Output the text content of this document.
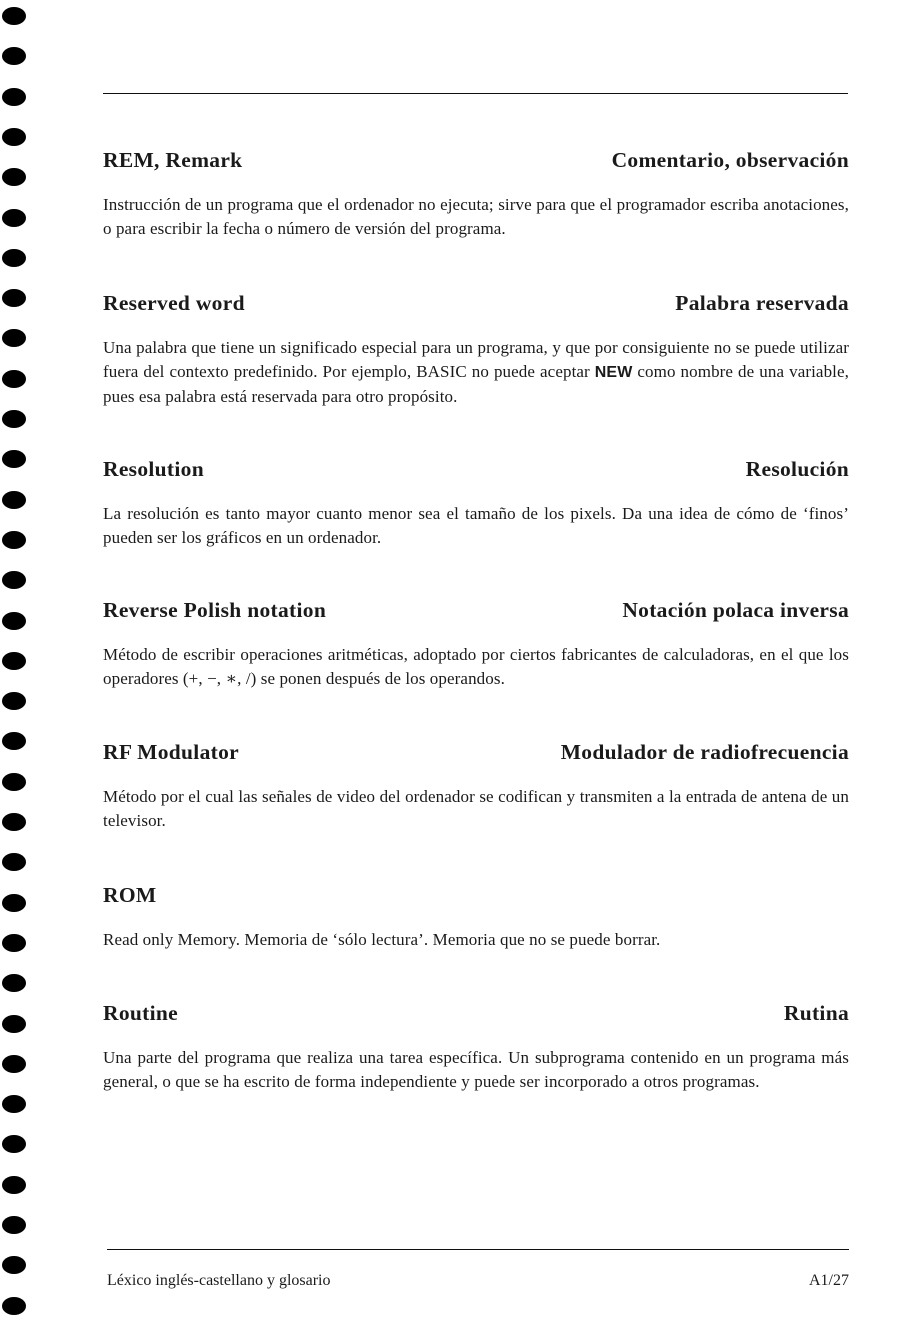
REM, Remark	Comentario, observación
Instrucción de un programa que el ordenador no ejecuta; sirve para que el programador escriba anotaciones, o para escribir la fecha o número de versión del programa.
Reserved word	Palabra reservada
Una palabra que tiene un significado especial para un programa, y que por consiguiente no se puede utilizar fuera del contexto predefinido. Por ejemplo, BASIC no puede aceptar NEW como nombre de una variable, pues esa palabra está reservada para otro propósito.
Resolution	Resolución
La resolución es tanto mayor cuanto menor sea el tamaño de los pixels. Da una idea de cómo de ‘finos’ pueden ser los gráficos en un ordenador.
Reverse Polish notation	Notación polaca inversa
Método de escribir operaciones aritméticas, adoptado por ciertos fabricantes de calculadoras, en el que los operadores (+, −, ∗, /) se ponen después de los operandos.
RF Modulator	Modulador de radiofrecuencia
Método por el cual las señales de video del ordenador se codifican y transmiten a la entrada de antena de un televisor.
ROM
Read only Memory. Memoria de ‘sólo lectura’. Memoria que no se puede borrar.
Routine	Rutina
Una parte del programa que realiza una tarea específica. Un subprograma contenido en un programa más general, o que se ha escrito de forma independiente y puede ser incorporado a otros programas.
Léxico inglés-castellano y glosario	A1/27
